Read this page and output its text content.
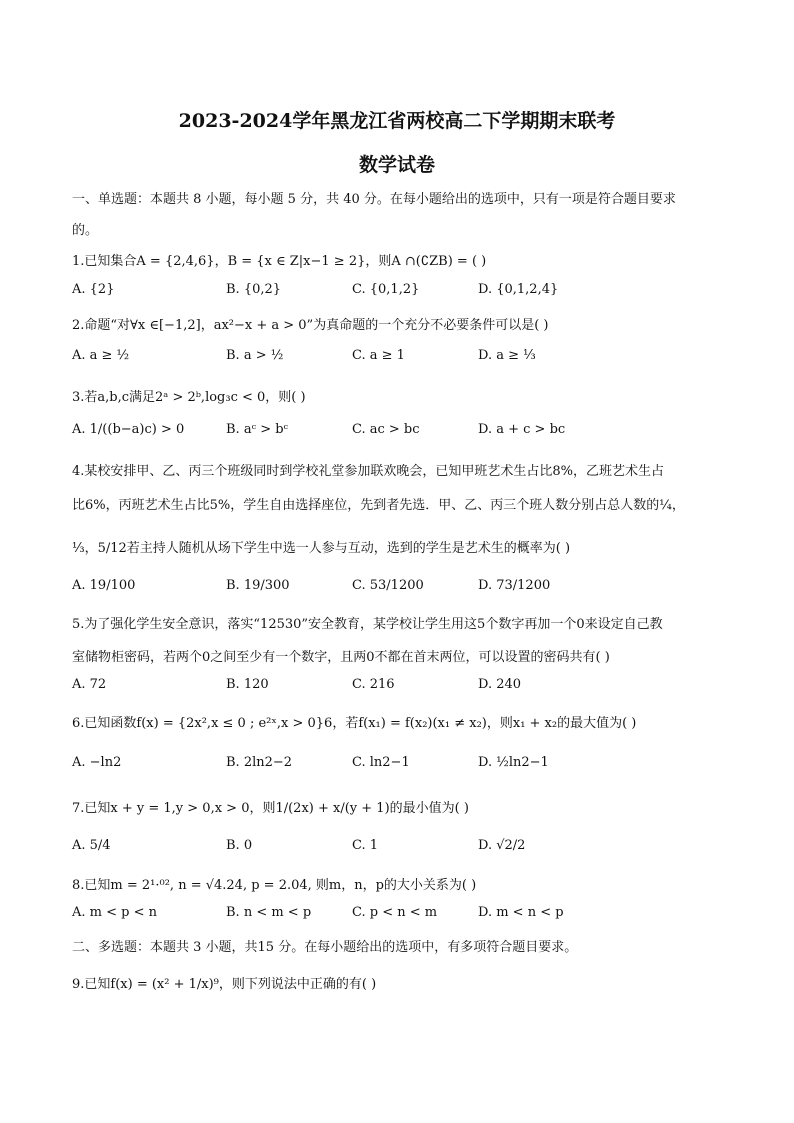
2023-2024学年黑龙江省两校高二下学期期末联考
数学试卷
一、单选题：本题共 8 小题，每小题 5 分，共 40 分。在每小题给出的选项中，只有一项是符合题目要求
的。
1.已知集合A = {2,4,6}，B = {x ∈ Z|x−1 ≥ 2}，则A ∩(∁ZB) = ( )
A. {2}	B. {0,2}	C. {0,1,2}	D. {0,1,2,4}
2.命题“对∀x ∈[−1,2]，ax²−x + a > 0”为真命题的一个充分不必要条件可以是( )
A. a ≥ ½	B. a > ½	C. a ≥ 1	D. a ≥ ⅓
3.若a,b,c满足2ᵃ > 2ᵇ,log₃c < 0，则( )
A. 1/((b−a)c) > 0	B. aᶜ > bᶜ	C. ac > bc	D. a + c > bc
4.某校安排甲、乙、丙三个班级同时到学校礼堂参加联欢晚会，已知甲班艺术生占比8%，乙班艺术生占
比6%，丙班艺术生占比5%，学生自由选择座位，先到者先选．甲、乙、丙三个班人数分别占总人数的¼，
⅓，5/12若主持人随机从场下学生中选一人参与互动，选到的学生是艺术生的概率为( )
A. 19/100	B. 19/300	C. 53/1200	D. 73/1200
5.为了强化学生安全意识，落实“12530”安全教育，某学校让学生用这5个数字再加一个0来设定自己教
室储物柜密码，若两个0之间至少有一个数字，且两0不都在首末两位，可以设置的密码共有( )
A. 72	B. 120	C. 216	D. 240
6.已知函数f(x) = {2x²,x ≤ 0 ; e²ˣ,x > 0}6，若f(x₁) = f(x₂)(x₁ ≠ x₂)，则x₁ + x₂的最大值为( )
A. −ln2	B. 2ln2−2	C. ln2−1	D. ½ln2−1
7.已知x + y = 1,y > 0,x > 0，则1/(2x) + x/(y + 1)的最小值为( )
A. 5/4	B. 0	C. 1	D. √2/2
8.已知m = 2¹·⁰², n = √4.24, p = 2.04, 则m，n，p的大小关系为( )
A. m < p < n	B. n < m < p	C. p < n < m	D. m < n < p
二、多选题：本题共 3 小题，共15 分。在每小题给出的选项中，有多项符合题目要求。
9.已知f(x) = (x² + 1/x)⁹，则下列说法中正确的有( )
